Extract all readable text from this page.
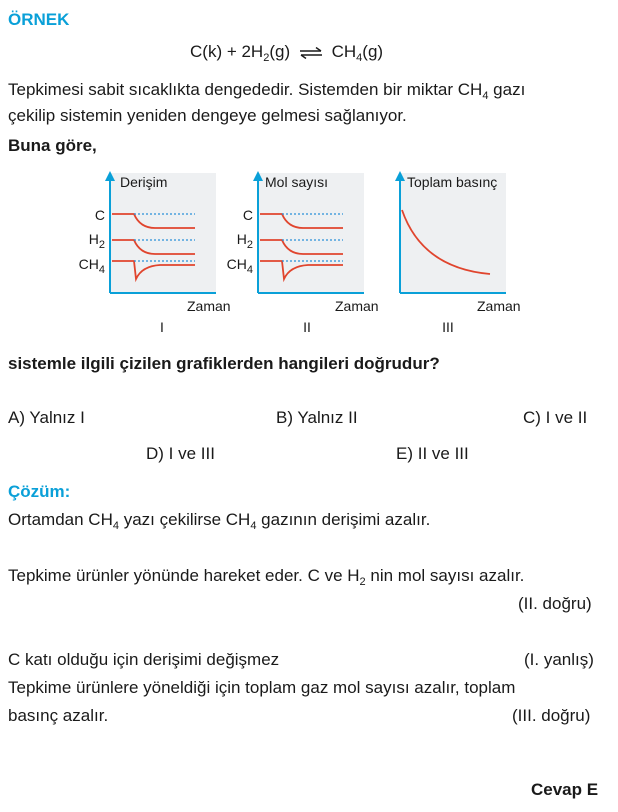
ÖRNEK
$C(k) + 2H_2(g)$ ⇌ $CH_4(g)$
Tepkimesi sabit sıcaklıkta dengededir. Sistemden bir miktar $CH_4$ gazı
çekilip sistemin yeniden dengeye gelmesi sağlanıyor.
Buna göre,
Derişim
Zaman
C
$H_2$
$CH_4$
I
Mol sayısı
Zaman
C
$H_2$
$CH_4$
II
Toplam basınç
Zaman
III
sistemle ilgili çizilen grafiklerden hangileri doğrudur?
A) Yalnız I	B) Yalnız II	C) I ve II
D) I ve III	E) II ve III
Çözüm:
Ortamdan $CH_4$ yazı çekilirse $CH_4$ gazının derişimi azalır.
Tepkime ürünler yönünde hareket eder. C ve $H_2$ nin mol sayısı azalır.
(II. doğru)
C katı olduğu için derişimi değişmez	(I. yanlış)
Tepkime ürünlere yöneldiği için toplam gaz mol sayısı azalır, toplam
basınç azalır.	(III. doğru)
Cevap E
